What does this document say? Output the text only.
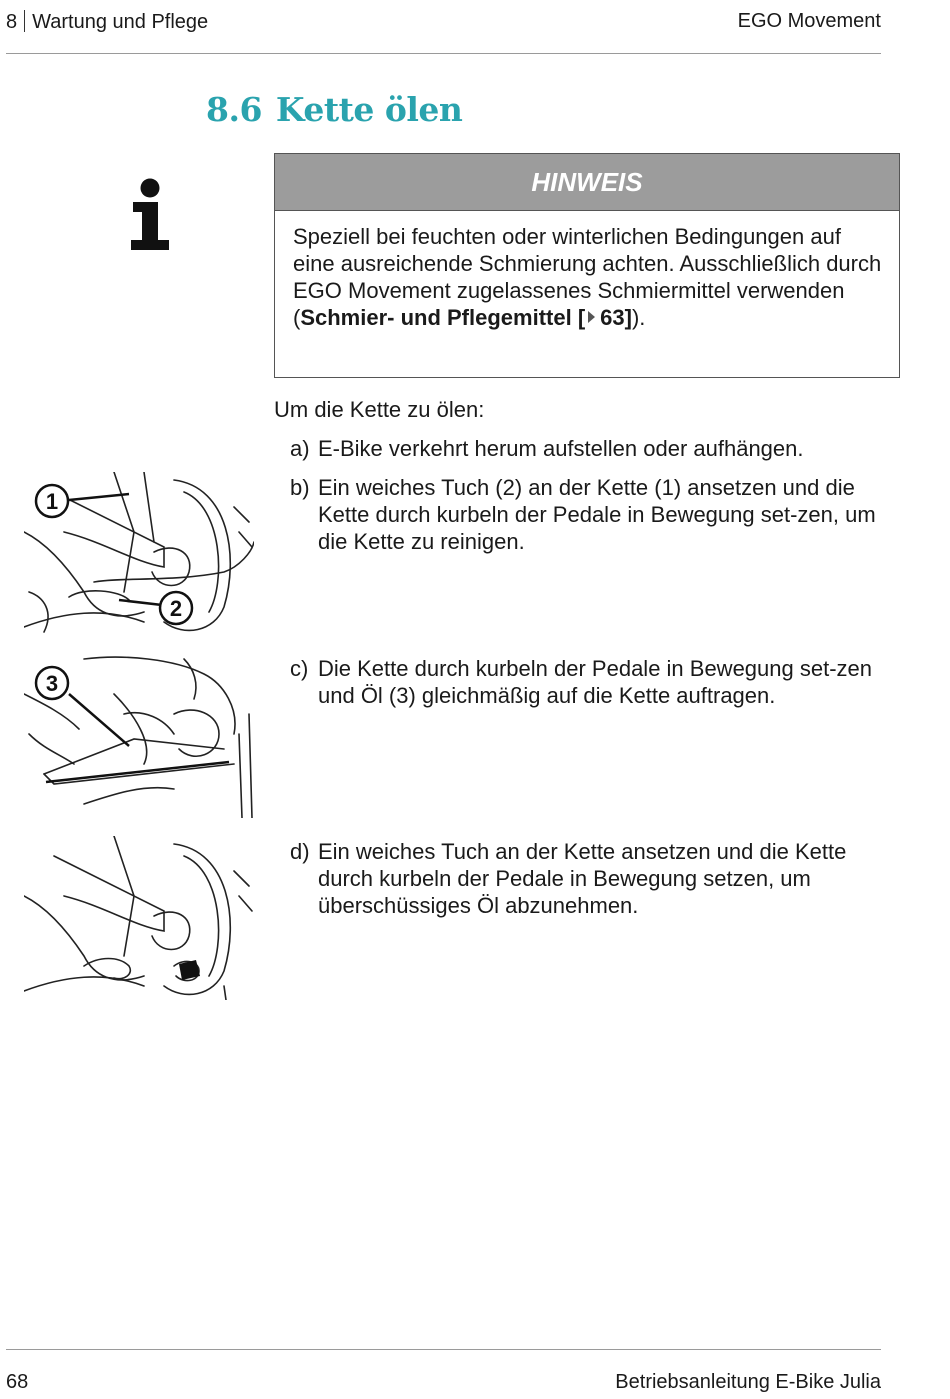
8 Wartung und Pflege	EGO Movement
8.6 Kette ölen
HINWEIS
Speziell bei feuchten oder winterlichen Bedingungen auf eine ausreichende Schmierung achten. Ausschließlich durch EGO Movement zugelassenes Schmiermittel verwenden (Schmier- und Pflegemittel [ 63]).
Um die Kette zu ölen:
a) E-Bike verkehrt herum aufstellen oder aufhängen.
b) Ein weiches Tuch (2) an der Kette (1) ansetzen und die Kette durch kurbeln der Pedale in Bewegung set-zen, um die Kette zu reinigen.
c) Die Kette durch kurbeln der Pedale in Bewegung set-zen und Öl (3) gleichmäßig auf die Kette auftragen.
d) Ein weiches Tuch an der Kette ansetzen und die Kette durch kurbeln der Pedale in Bewegung setzen, um überschüssiges Öl abzunehmen.
1
2
3
68	Betriebsanleitung E-Bike Julia
